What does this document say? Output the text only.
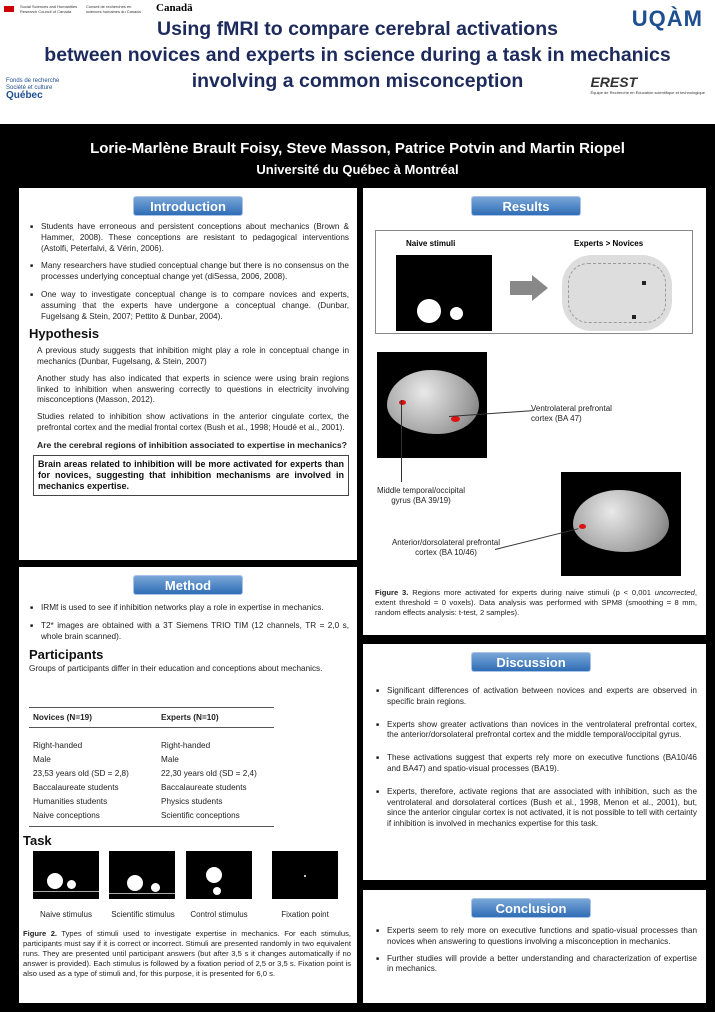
Social Sciences and Humanities Research Council of Canada
Conseil de recherches en sciences humaines du Canada	Canadä	UQÀM
Using fMRI to compare cerebral activations
between novices and experts in science during a task in mechanics
involving a common misconception
Fonds de recherche
Société et culture
Québec
EREST
Équipe de Recherche en Éducation scientifique et technologique
Lorie-Marlène Brault Foisy, Steve Masson, Patrice Potvin and Martin Riopel
Université du Québec à Montréal
Introduction
■ Students have erroneous and persistent conceptions about mechanics (Brown & Hammer, 2008). These conceptions are resistant to pedagogical interventions (Astolfi, Peterfalvi, & Vérin, 2006).
■ Many researchers have studied conceptual change but there is no consensus on the processes underlying conceptual change yet (diSessa, 2006, 2008).
■ One way to investigate conceptual change is to compare novices and experts, assuming that the experts have undergone a conceptual change. (Dunbar, Fugelsang & Stein, 2007; Pettito & Dunbar, 2004).
Hypothesis

A previous study suggests that inhibition might play a role in conceptual change in mechanics (Dunbar, Fugelsang, & Stein, 2007)

Another study has also indicated that experts in science were using brain regions linked to inhibition when answering correctly to questions in electricity involving misconceptions (Masson, 2012).

Studies related to inhibition show activations in the anterior cingulate cortex, the prefrontal cortex and the medial frontal cortex (Bush et al., 1998; Houdé et al., 2001).

Are the cerebral regions of inhibition associated to expertise in mechanics?

Brain areas related to inhibition will be more activated for experts than for novices, suggesting that inhibition mechanisms are involved in mechanics expertise.
Method
■ IRMf is used to see if inhibition networks play a role in expertise in mechanics.
■ T2* images are obtained with a 3T Siemens TRIO TIM (12 channels, TR = 2,0 s, whole brain scanned).
Participants

Groups of participants differ in their education and conceptions about mechanics.

Novices (N=19)	Experts (N=10)
Right-handed	Right-handed
Male	Male
23,53 years old (SD = 2,8)	22,30 years old (SD = 2,4)
Baccalaureate students	Baccalaureate students
Humanities students	Physics students
Naive conceptions	Scientific conceptions
Task
Naive stimulus	Scientific stimulus	Control stimulus	Fixation point

Figure 2. Types of stimuli used to investigate expertise in mechanics. For each stimulus, participants must say if it is correct or incorrect. Stimuli are presented randomly in two equivalent runs. They are presented until participant answers (but after 3,5 s it changes automatically if no answer is provided). Each stimulus is followed by a fixation period of 2,5 or 3,5 s. Fixation point is also used as a type of stimuli and, for this purpose, it is presented for 6,0 s.

Results
Naive stimuli	Experts > Novices
Ventrolateral prefrontal cortex (BA 47)
Middle temporal/occipital gyrus (BA 39/19)
Anterior/dorsolateral prefrontal cortex (BA 10/46)

Figure 3. Regions more activated for experts during naive stimuli (p < 0,001 uncorrected, extent threshold = 0 voxels). Data analysis was performed with SPM8 (smoothing = 8 mm, random effects analysis: t-test, 2 samples).

Discussion
■ Significant differences of activation between novices and experts are observed in specific brain regions.
■ Experts show greater activations than novices in the ventrolateral prefrontal cortex, the anterior/dorsolateral prefrontal cortex and the middle temporal/occipital gyrus.
■ These activations suggest that experts rely more on executive functions (BA10/46 and BA47) and spatio-visual processes (BA19).
■ Experts, therefore, activate regions that are associated with inhibition, such as the ventrolateral and dorsolateral cortices (Bush et al., 1998, Menon et al., 2001), but, since the anterior cingular cortex is not activated, it is not possible to tell with certainty if inhibition is involved in mechanics expertise for this task.
Conclusion
■ Experts seem to rely more on executive functions and spatio-visual processes than novices when answering to questions involving a misconception in mechanics.
■ Further studies will provide a better understanding and characterization of expertise in mechanics.
